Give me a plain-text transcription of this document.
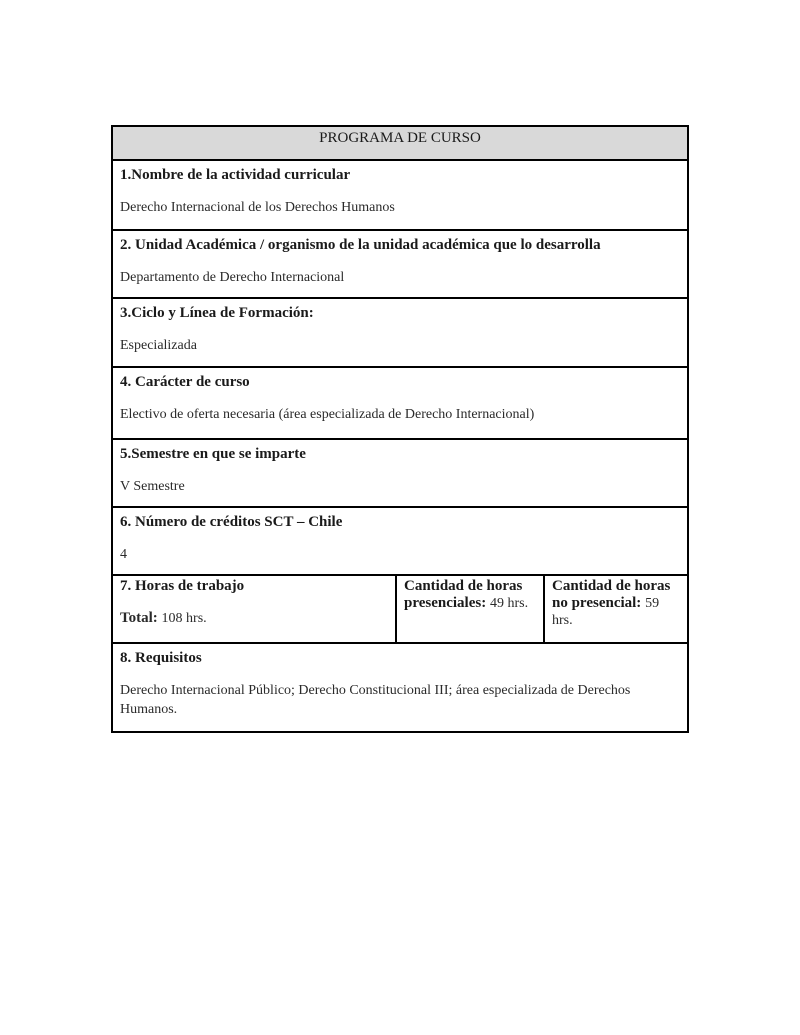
PROGRAMA DE CURSO
1.Nombre de la actividad curricular
Derecho Internacional de los Derechos Humanos
2. Unidad Académica / organismo de la unidad académica que lo desarrolla
Departamento de Derecho Internacional
3.Ciclo y Línea de Formación:
Especializada
4. Carácter de curso
Electivo de oferta necesaria (área especializada de Derecho Internacional)
5.Semestre en que se imparte
V Semestre
6. Número de créditos SCT – Chile
4
7. Horas de trabajo
Total: 108 hrs.
Cantidad de horas presenciales: 49 hrs.
Cantidad de horas no presencial: 59 hrs.
8. Requisitos
Derecho Internacional Público; Derecho Constitucional III; área especializada de Derechos Humanos.
